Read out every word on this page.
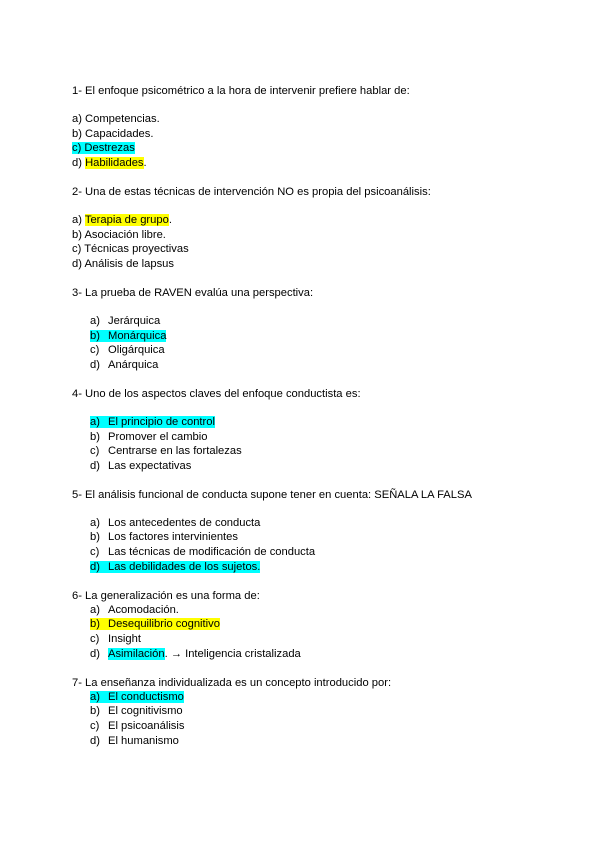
1- El enfoque psicométrico a la hora de intervenir prefiere hablar de:
a) Competencias.
b) Capacidades.
c) Destrezas
d) Habilidades.
2- Una de estas técnicas de intervención NO es propia del psicoanálisis:
a) Terapia de grupo.
b) Asociación libre.
c) Técnicas proyectivas
d) Análisis de lapsus
3- La prueba de RAVEN evalúa una perspectiva:
a) Jerárquica
b) Monárquica
c) Oligárquica
d) Anárquica
4- Uno de los aspectos claves del enfoque conductista es:
a) El principio de control
b) Promover el cambio
c) Centrarse en las fortalezas
d) Las expectativas
5- El análisis funcional de conducta supone tener en cuenta: SEÑALA LA FALSA
a) Los antecedentes de conducta
b) Los factores intervinientes
c) Las técnicas de modificación de conducta
d) Las debilidades de los sujetos.
6- La generalización es una forma de:
a) Acomodación.
b) Desequilibrio cognitivo
c) Insight
d) Asimilación. → Inteligencia cristalizada
7- La enseñanza individualizada es un concepto introducido por:
a) El conductismo
b) El cognitivismo
c) El psicoanálisis
d) El humanismo
